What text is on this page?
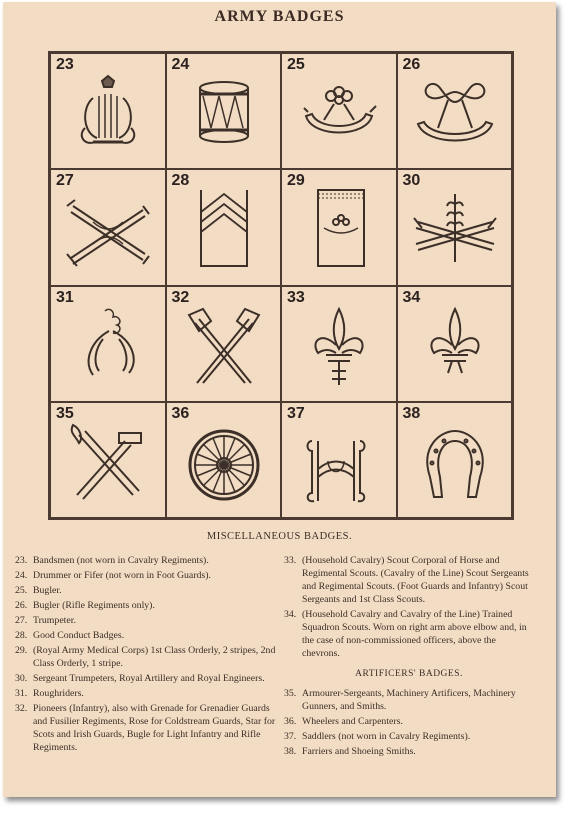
ARMY BADGES
23	24	25	26
27	28	29	30
31	32	33	34
35	36	37	38
MISCELLANEOUS BADGES.
23. Bandsmen (not worn in Cavalry Regiments).
24. Drummer or Fifer (not worn in Foot Guards).
25. Bugler.
26. Bugler (Rifle Regiments only).
27. Trumpeter.
28. Good Conduct Badges.
29. (Royal Army Medical Corps) 1st Class Orderly, 2 stripes, 2nd Class Orderly, 1 stripe.
30. Sergeant Trumpeters, Royal Artillery and Royal Engineers.
31. Roughriders.
32. Pioneers (Infantry), also with Grenade for Grenadier Guards and Fusilier Regiments, Rose for Coldstream Guards, Star for Scots and Irish Guards, Bugle for Light Infantry and Rifle Regiments.
33. (Household Cavalry) Scout Corporal of Horse and Regimental Scouts. (Cavalry of the Line) Scout Sergeants and Regimental Scouts. (Foot Guards and Infantry) Scout Sergeants and 1st Class Scouts.
34. (Household Cavalry and Cavalry of the Line) Trained Squadron Scouts. Worn on right arm above elbow and, in the case of non-commissioned officers, above the chevrons.
ARTIFICERS' BADGES.
35. Armourer-Sergeants, Machinery Artificers, Machinery Gunners, and Smiths.
36. Wheelers and Carpenters.
37. Saddlers (not worn in Cavalry Regiments).
38. Farriers and Shoeing Smiths.
